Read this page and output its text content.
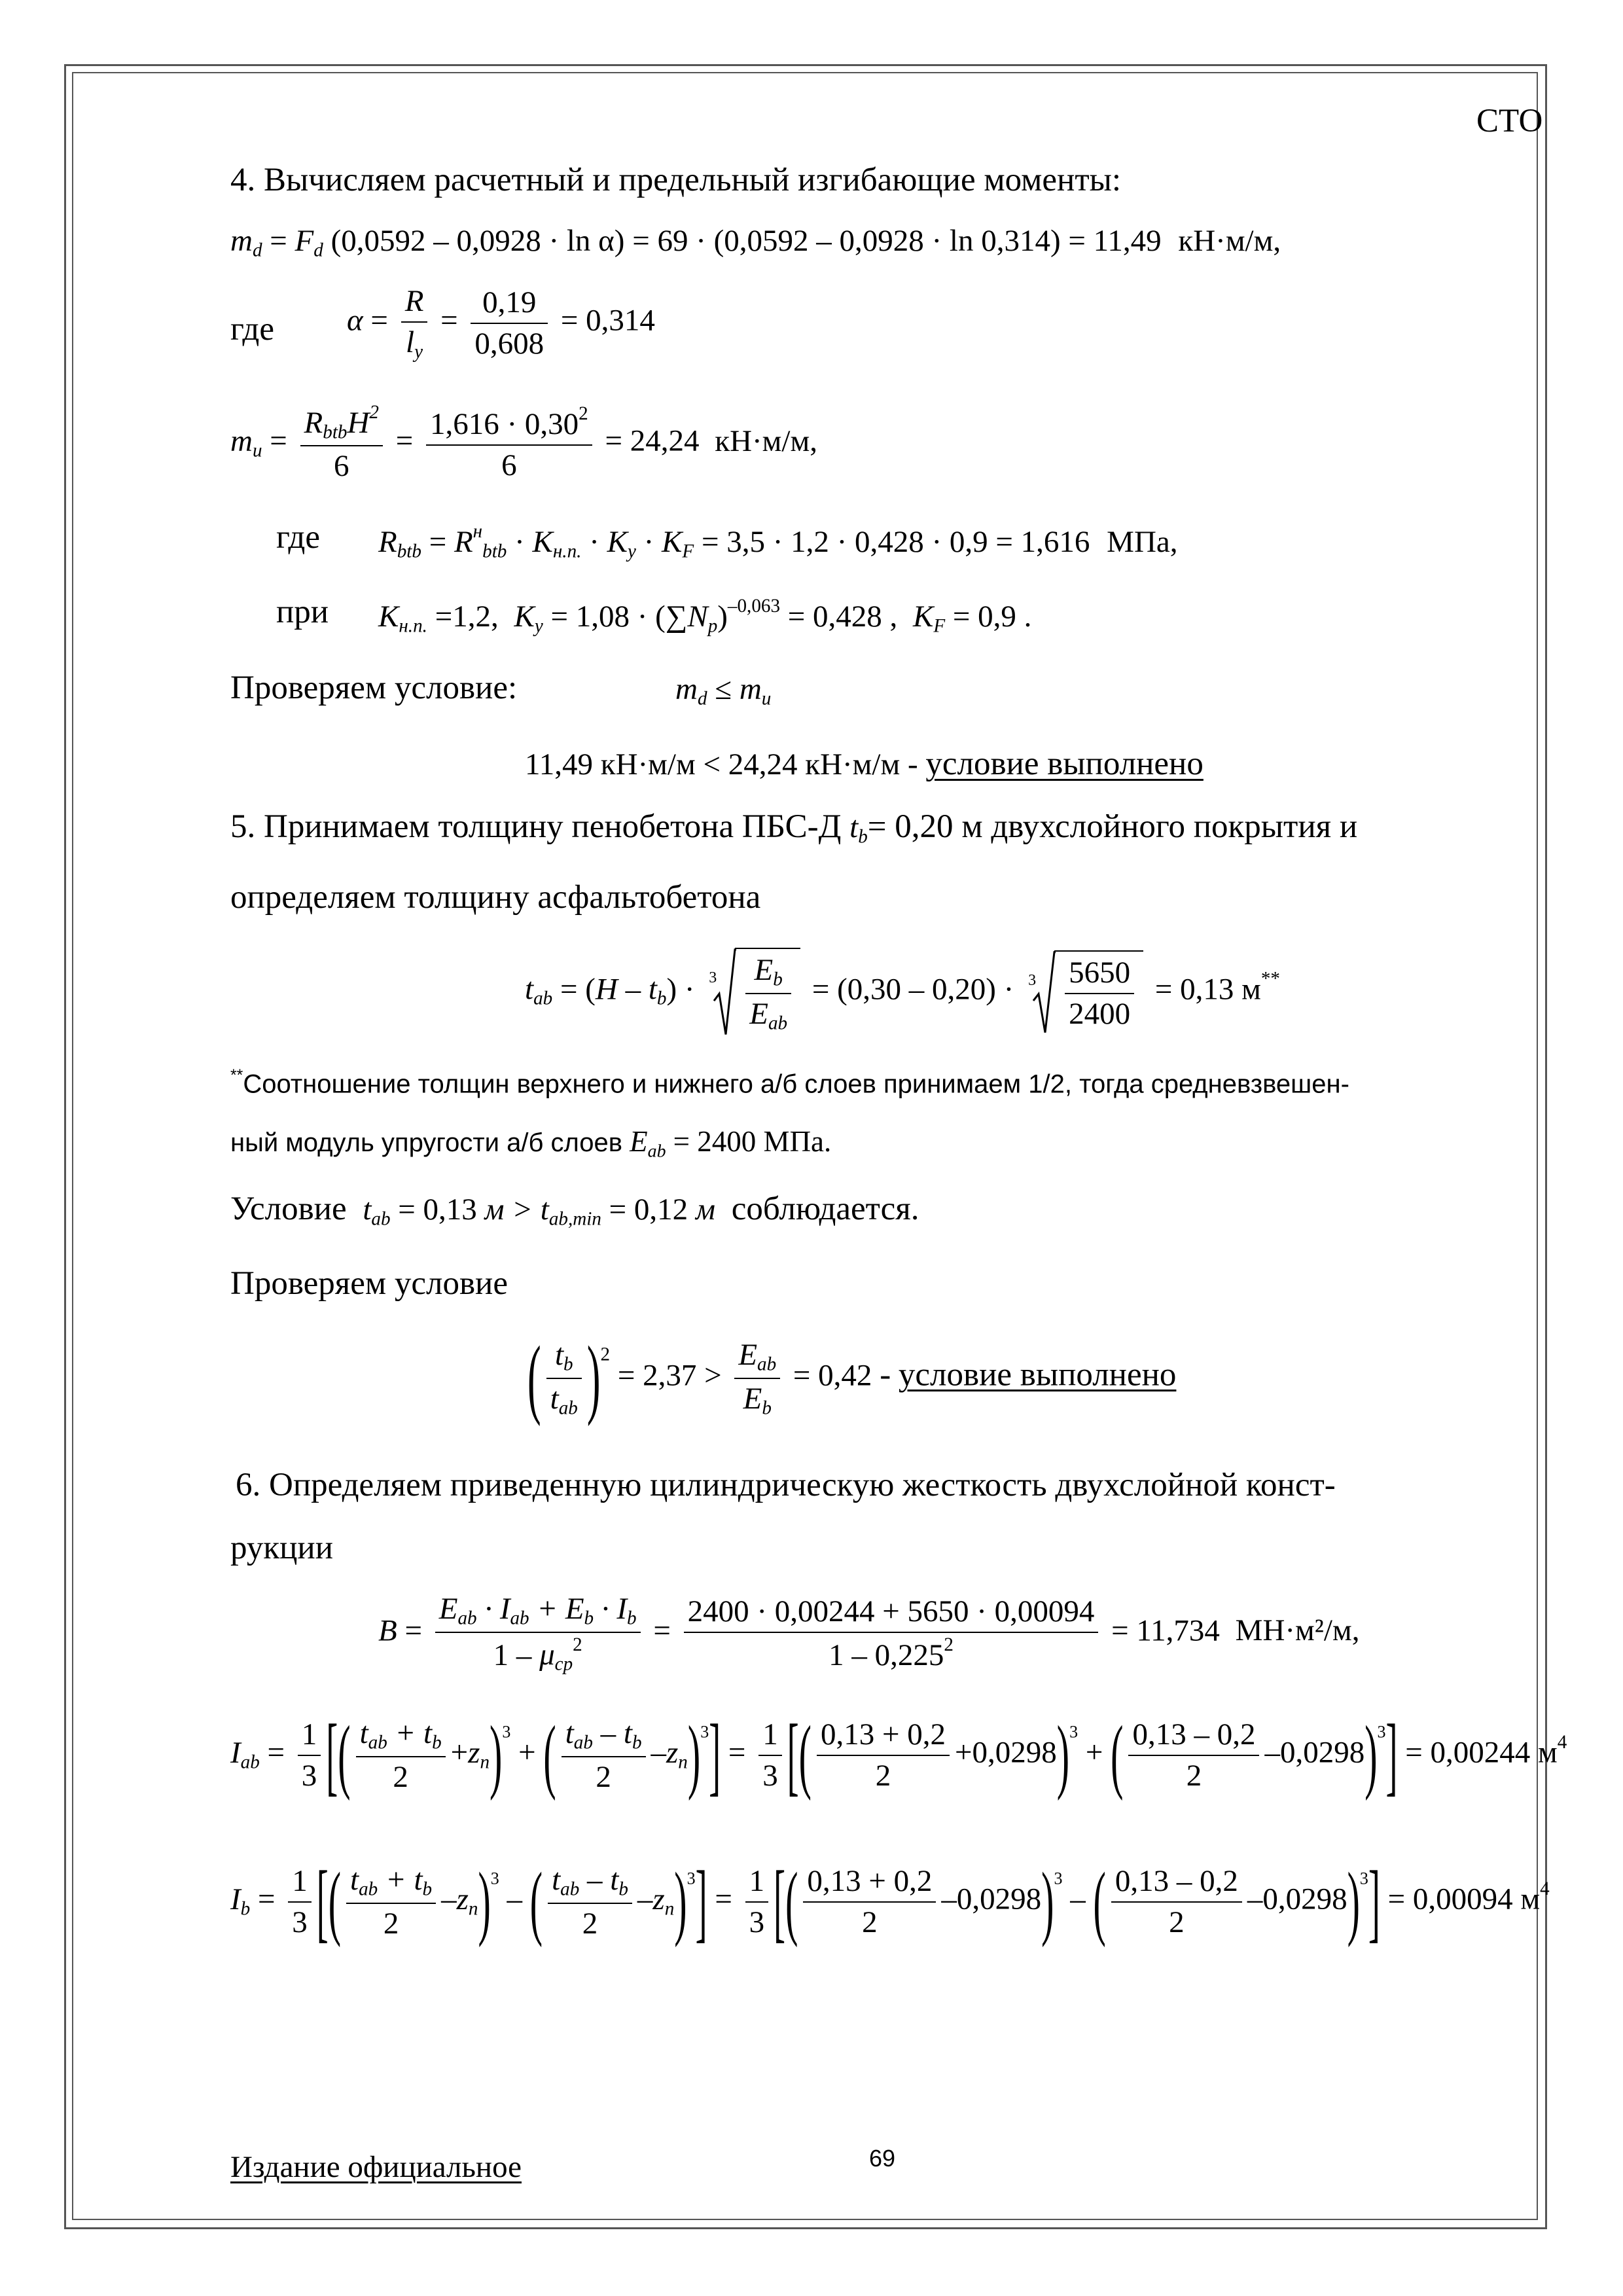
СТО
4. Вычисляем расчетный и предельный изгибающие моменты:
$m_d = F_d$ (0,0592 – 0,0928 · ln α) = 69 · (0,0592 – 0,0928 · ln 0,314) = 11,49 кН·м/м,
где $\alpha = \frac{R}{l_y} = \frac{0,19}{0,608} = 0,314$
$m_u = \frac{R_{btb}H^2}{6} = \frac{1,616 \cdot 0,30^2}{6} = 24,24$ кН·м/м,
где $R_{btb} = R^н_{btb} \cdot K_{н.п.} \cdot K_y \cdot K_F = 3,5 \cdot 1,2 \cdot 0,428 \cdot 0,9 = 1,616$ МПа,
при $K_{н.п.} =1,2$, $K_y = 1,08 \cdot (\sum N_p)^{-0,063} = 0,428$ , $K_F = 0,9$ .
Проверяем условие:	$m_d \le m_u$
11,49 кН·м/м < 24,24 кН·м/м - условие выполнено
5. Принимаем толщину пенобетона ПБС-Д $t_b= 0,20$ м двухслойного покрытия и
определяем толщину асфальтобетона
$t_{ab} = (H - t_b) \cdot 3 \frac{E_b}{E_{ab}} = (0,30 - 0,20) \cdot 3 \frac{5650}{2400} = 0,13$ м**
**Соотношение толщин верхнего и нижнего а/б слоев принимаем 1/2, тогда средневзвешен-
ный модуль упругости а/б слоев $E_{ab} = 2400$ МПа.
Условие $t_{ab} = 0,13$ $м > t_{ab,min} = 0,12$ м соблюдается.
Проверяем условие
( $\frac{t_b}{t_{ab}} )^2 = 2,37 > \frac{E_{ab}}{E_b} = 0,42$ - условие выполнено
6. Определяем приведенную цилиндрическую жесткость двухслойной конст-
рукции
$B = \frac{E_{ab} \cdot I_{ab} + E_b \cdot I_b}{1 - \mu_{cp}^2} = \frac{2400 \cdot 0,00244 + 5650 \cdot 0,00094}{1 - 0,225^2} = 11,734$ МН·м²/м,
$I_{ab} = \frac{1}{3}$ [( $\frac{t_{ab} + t_b}{2} +z_n)^3$ + ( $\frac{t_{ab} - t_b}{2} -z_n)^3] = \frac{1}{3}$ [( $\frac{0,13 + 0,2}{2} +0,0298)^3$ + ( $\frac{0,13 - 0,2}{2} -0,0298)^3] = 0,00244$ $м^4$
$I_b = \frac{1}{3}$ [( $\frac{t_{ab} + t_b}{2} -z_n)^3$ – ( $\frac{t_{ab} - t_b}{2} -z_n)^3] = \frac{1}{3}$ [( $\frac{0,13 + 0,2}{2} -0,0298)^3$ – ( $\frac{0,13 - 0,2}{2} -0,0298)^3] = 0,00094$ $м^4$
Издание официальное	69
